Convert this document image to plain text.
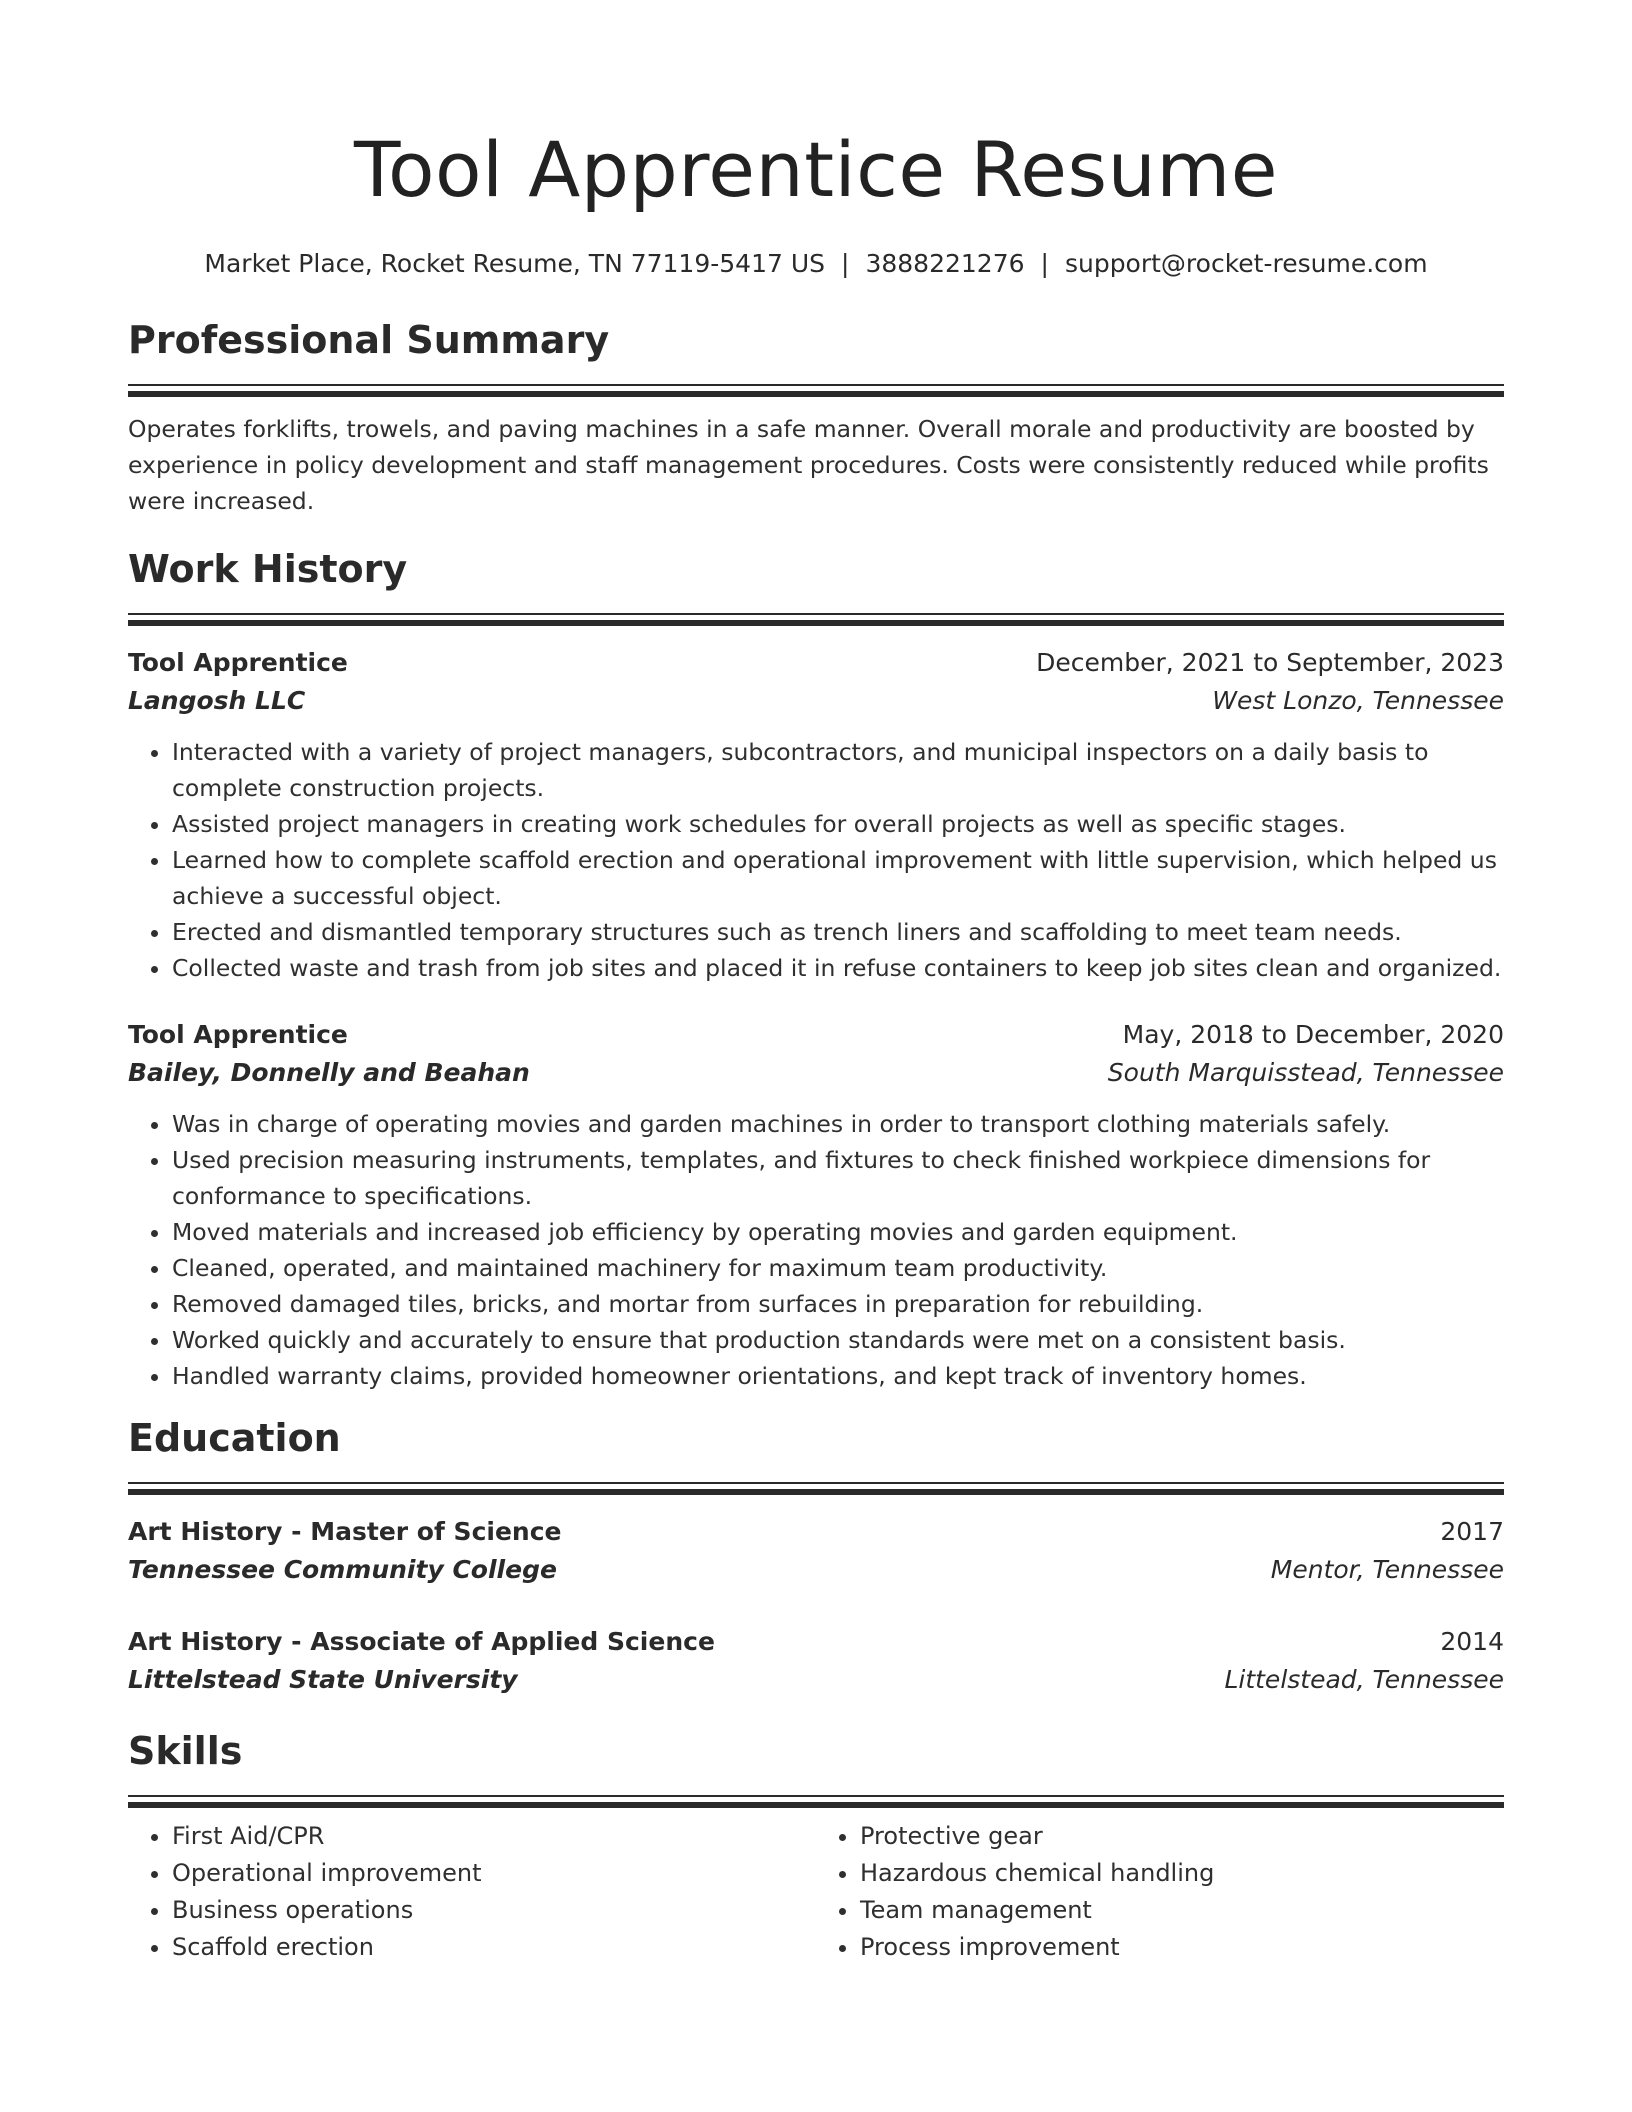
Tool Apprentice Resume
Market Place, Rocket Resume, TN 77119-5417 US | 3888221276 | support@rocket-resume.com
Professional Summary

Operates forklifts, trowels, and paving machines in a safe manner. Overall morale and productivity are boosted by experience in policy development and staff management procedures. Costs were consistently reduced while profits were increased.

Work History
Tool Apprentice	December, 2021 to September, 2023
Langosh LLC	West Lonzo, Tennessee
• Interacted with a variety of project managers, subcontractors, and municipal inspectors on a daily basis to complete construction projects.
• Assisted project managers in creating work schedules for overall projects as well as specific stages.
• Learned how to complete scaffold erection and operational improvement with little supervision, which helped us achieve a successful object.
• Erected and dismantled temporary structures such as trench liners and scaffolding to meet team needs.
• Collected waste and trash from job sites and placed it in refuse containers to keep job sites clean and organized.
Tool Apprentice	May, 2018 to December, 2020
Bailey, Donnelly and Beahan	South Marquisstead, Tennessee
• Was in charge of operating movies and garden machines in order to transport clothing materials safely.
• Used precision measuring instruments, templates, and fixtures to check finished workpiece dimensions for conformance to specifications.
• Moved materials and increased job efficiency by operating movies and garden equipment.
• Cleaned, operated, and maintained machinery for maximum team productivity.
• Removed damaged tiles, bricks, and mortar from surfaces in preparation for rebuilding.
• Worked quickly and accurately to ensure that production standards were met on a consistent basis.
• Handled warranty claims, provided homeowner orientations, and kept track of inventory homes.
Education
Art History - Master of Science	2017
Tennessee Community College	Mentor, Tennessee
Art History - Associate of Applied Science	2014
Littelstead State University	Littelstead, Tennessee
Skills
• First Aid/CPR
• Operational improvement
• Business operations
• Scaffold erection
• Protective gear
• Hazardous chemical handling
• Team management
• Process improvement
